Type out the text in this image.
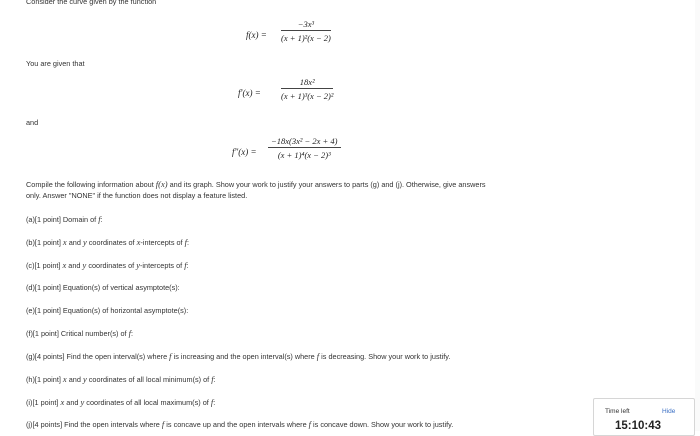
Consider the curve given by the function
$f(x) = \frac{\text{−3x³}}{\text{(x + 1)²(x − 2)}}$
You are given that
$f'(x) = \frac{\text{18x²}}{\text{(x + 1)³(x − 2)²}}$
and
$f''(x) = \frac{\text{−18x(3x² − 2x + 4)}}{\text{(x + 1)⁴(x − 2)³}}$
Compile the following information about f(x) and its graph. Show your work to justify your answers to parts (g) and (j). Otherwise, give answers
only. Answer "NONE" if the function does not display a feature listed.
(a)[1 point] Domain of f:
(b)[1 point] x and y coordinates of x-intercepts of f:
(c)[1 point] x and y coordinates of y-intercepts of f:
(d)[1 point] Equation(s) of vertical asymptote(s):
(e)[1 point] Equation(s) of horizontal asymptote(s):
(f)[1 point] Critical number(s) of f:
(g)[4 points] Find the open interval(s) where f is increasing and the open interval(s) where f is decreasing. Show your work to justify.
(h)[1 point] x and y coordinates of all local minimum(s) of f:
(i)[1 point] x and y coordinates of all local maximum(s) of f:
(j)[4 points] Find the open intervals where f is concave up and the open intervals where f is concave down. Show your work to justify.
Time left	Hide
15:10:43
